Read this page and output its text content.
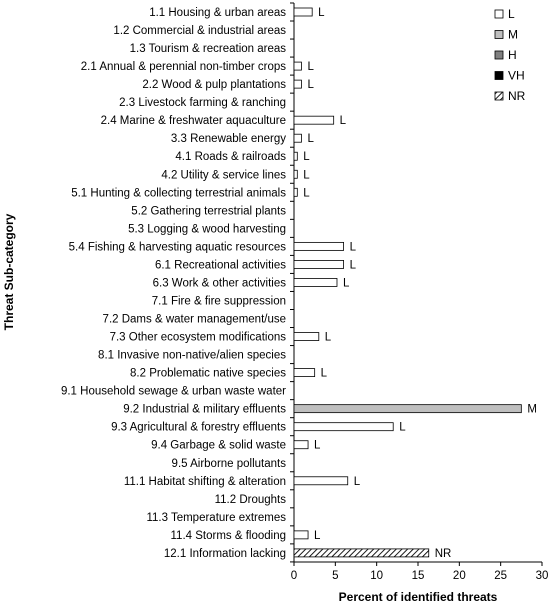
0	5	10 15 20 25 30
1.1 Housing & urban areas	L
1.2 Commercial & industrial areas
1.3 Tourism & recreation areas
2.1 Annual & perennial non-timber crops L
2.2 Wood & pulp plantations L
2.3 Livestock farming & ranching
2.4 Marine & freshwater aquaculture	L
3.3 Renewable energy L
4.1 Roads & railroads L
4.2 Utility & service lines L
5.1 Hunting & collecting terrestrial animals L
5.2 Gathering terrestrial plants
5.3 Logging & wood harvesting
5.4 Fishing & harvesting aquatic resources	L
6.1 Recreational activities	L
6.3 Work & other activities	L
7.1 Fire & fire suppression
7.2 Dams & water management/use
7.3 Other ecosystem modifications	L
8.1 Invasive non-native/alien species
8.2 Problematic native species	L
9.1 Household sewage & urban waste water
9.2 Industrial & military effluents	M
9.3 Agricultural & forestry effluents	L
9.4 Garbage & solid waste L
9.5 Airborne pollutants
11.1 Habitat shifting & alteration	L
11.2 Droughts
11.3 Temperature extremes
11.4 Storms & flooding L
12.1 Information lacking	NR
Percent of identified threats
Threat Sub-category
L
M
H
VH
NR
